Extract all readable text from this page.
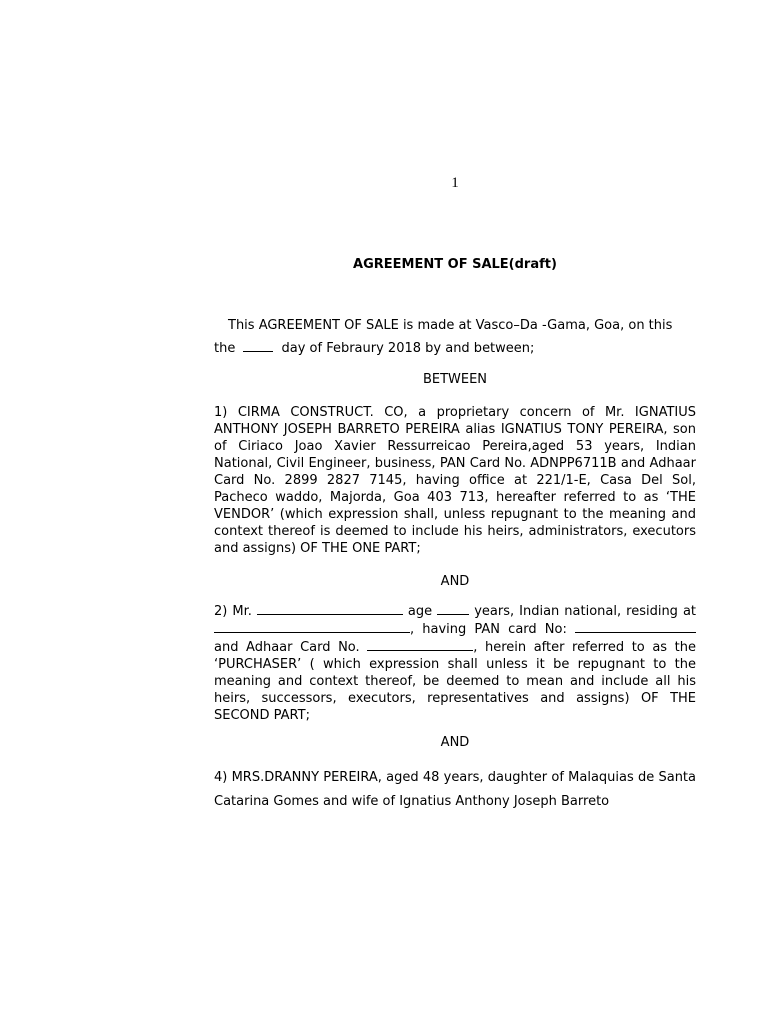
1
AGREEMENT OF SALE(draft)
This AGREEMENT OF SALE is made at Vasco–Da -Gama, Goa, on this
the	day of Febraury 2018 by and between;
BETWEEN
1) CIRMA CONSTRUCT. CO, a proprietary concern of Mr. IGNATIUS ANTHONY JOSEPH BARRETO PEREIRA alias IGNATIUS TONY PEREIRA, son of Ciriaco Joao Xavier Ressurreicao Pereira,aged 53 years, Indian National, Civil Engineer, business, PAN Card No. ADNPP6711B and Adhaar Card No. 2899 2827 7145, having office at 221/1-E, Casa Del Sol, Pacheco waddo, Majorda, Goa 403 713, hereafter referred to as ‘THE VENDOR’ (which expression shall, unless repugnant to the meaning and context thereof is deemed to include his heirs, administrators, executors and assigns) OF THE ONE PART;
AND
2) Mr.	age	years, Indian national, residing at , having PAN card No:  and Adhaar Card No.	, herein after referred to as the ‘PURCHASER’ ( which expression shall unless it be repugnant to the meaning and context thereof, be deemed to mean and include all his heirs, successors, executors, representatives and assigns) OF THE SECOND PART;
AND
4) MRS.DRANNY PEREIRA, aged 48 years, daughter of Malaquias de Santa Catarina Gomes and wife of Ignatius Anthony Joseph Barreto
